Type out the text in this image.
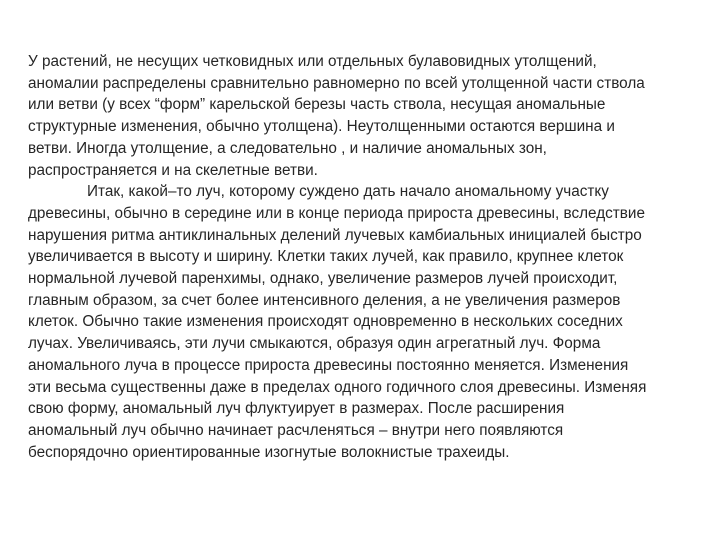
У растений, не несущих четковидных или отдельных булавовидных утолщений,
аномалии распределены сравнительно равномерно по всей утолщенной части ствола
или ветви (у всех “форм” карельской березы часть ствола, несущая аномальные
структурные изменения, обычно утолщена). Неутолщенными остаются вершина и
ветви. Иногда утолщение, а следовательно , и наличие аномальных зон,
распространяется и на скелетные ветви.
Итак, какой–то луч, которому суждено дать начало аномальному участку
древесины, обычно в середине или в конце периода прироста древесины, вследствие
нарушения ритма антиклинальных делений лучевых камбиальных инициалей быстро
увеличивается в высоту и ширину. Клетки таких лучей, как правило, крупнее клеток
нормальной лучевой паренхимы, однако, увеличение размеров лучей происходит,
главным образом, за счет более интенсивного деления, а не увеличения размеров
клеток. Обычно такие изменения происходят одновременно в нескольких соседних
лучах. Увеличиваясь, эти лучи смыкаются, образуя один агрегатный луч. Форма
аномального луча в процессе прироста древесины постоянно меняется. Изменения
эти весьма существенны даже в пределах одного годичного слоя древесины. Изменяя
свою форму, аномальный луч флуктуирует в размерах. После расширения
аномальный луч обычно начинает расчленяться – внутри него появляются
беспорядочно ориентированные изогнутые волокнистые трахеиды.
